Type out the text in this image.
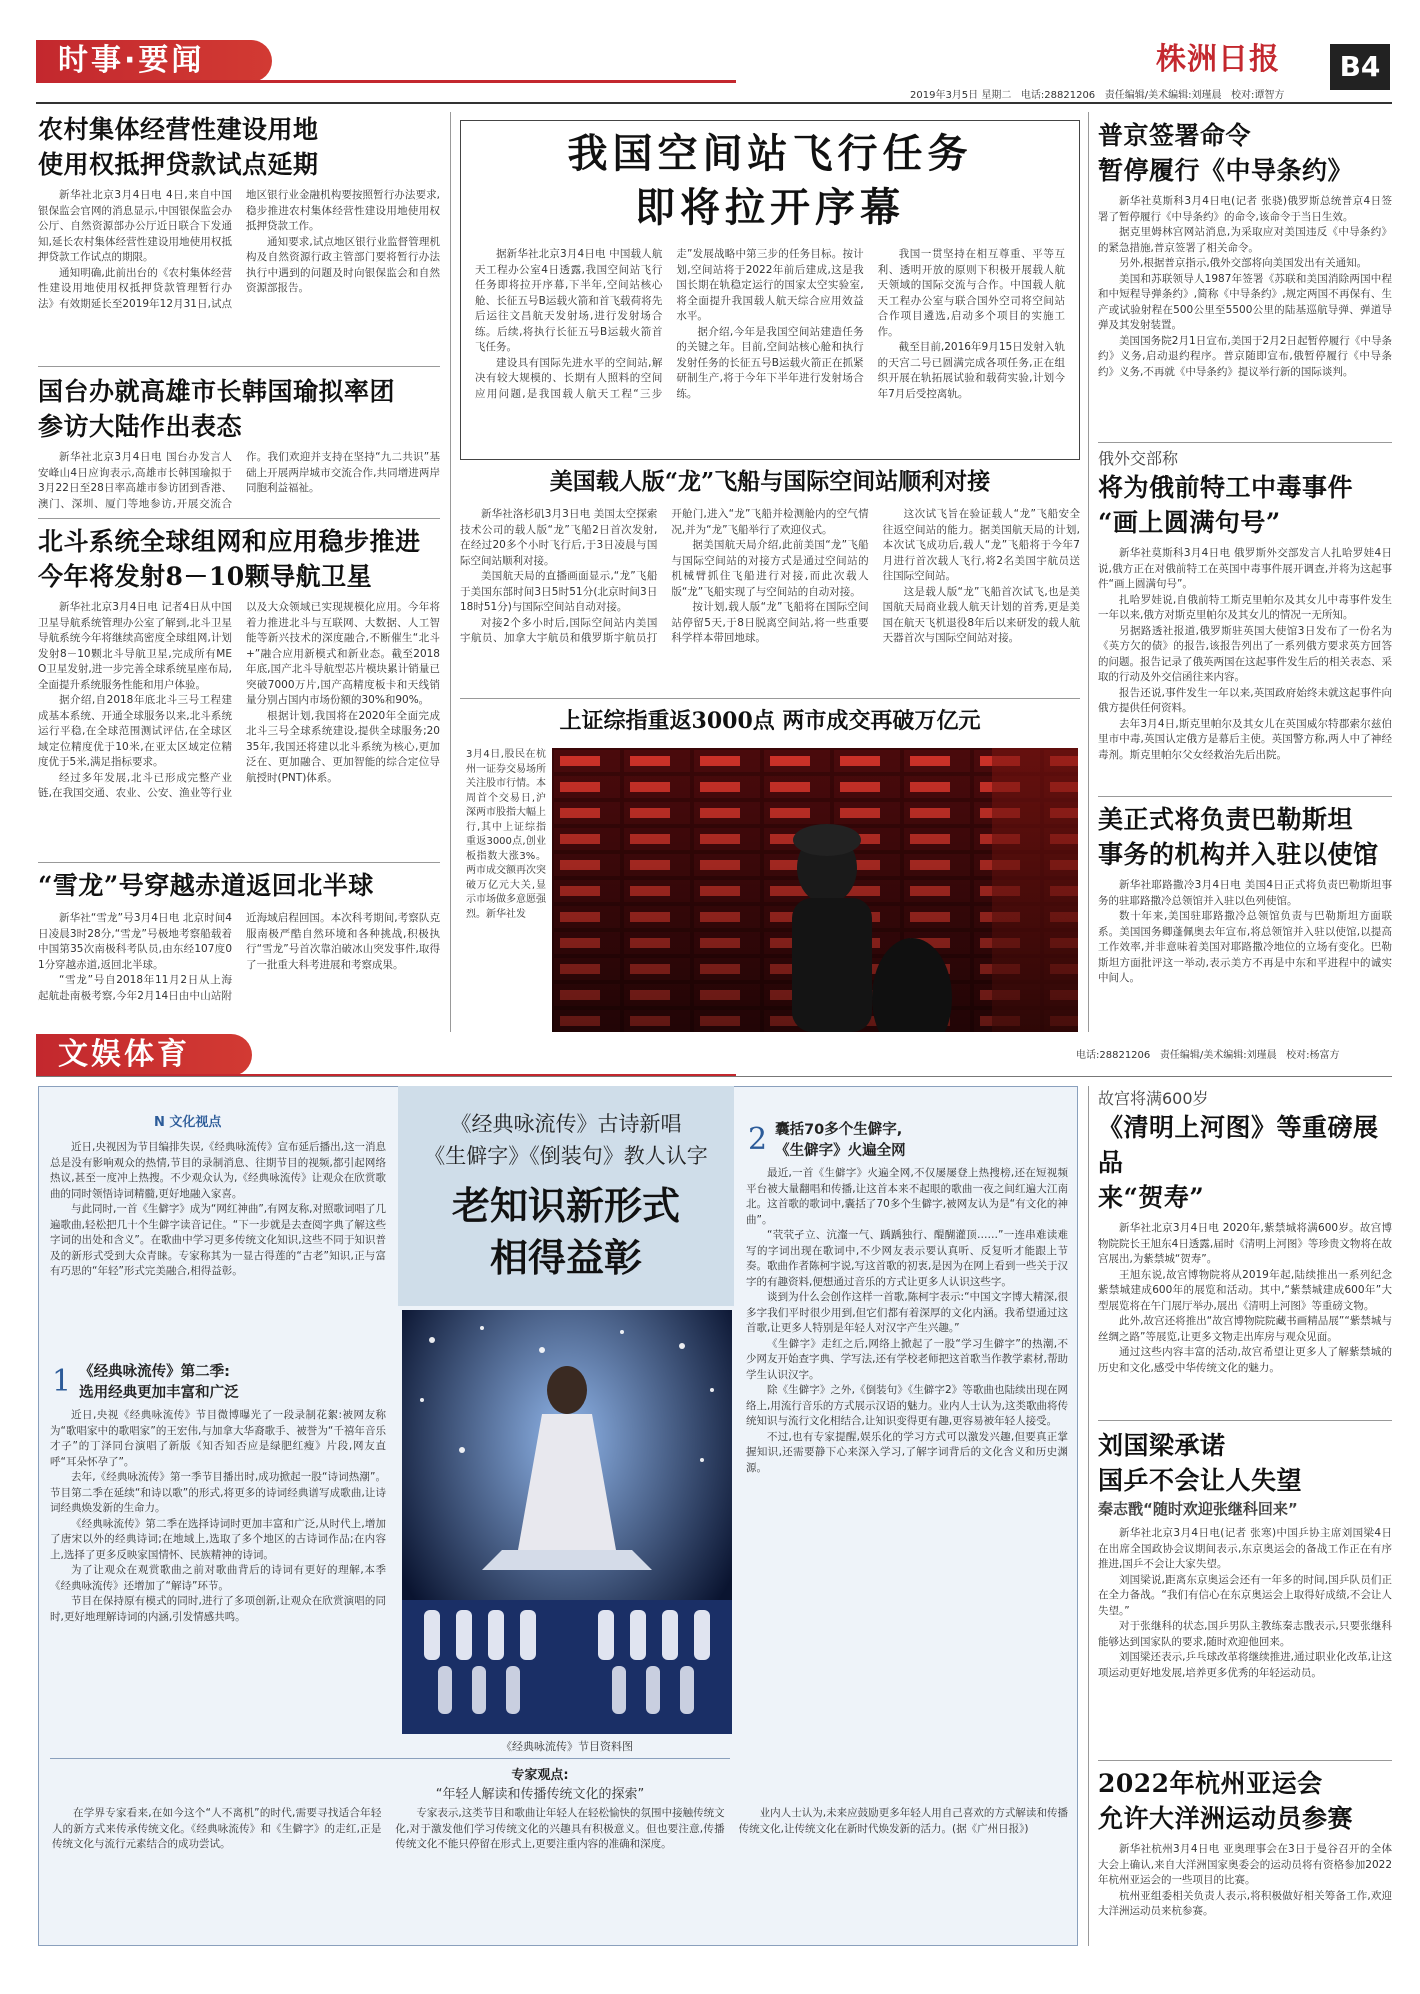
时事·要闻
2019年3月5日 星期二 电话:28821206 责任编辑/美术编辑:刘瑾晨 校对:谭智方
株洲日报	B4
农村集体经营性建设用地
使用权抵押贷款试点延期

新华社北京3月4日电 4日,来自中国银保监会官网的消息显示,中国银保监会办公厅、自然资源部办公厅近日联合下发通知,延长农村集体经营性建设用地使用权抵押贷款工作试点的期限。

通知明确,此前出台的《农村集体经营性建设用地使用权抵押贷款管理暂行办法》有效期延长至2019年12月31日,试点地区银行业金融机构要按照暂行办法要求,稳步推进农村集体经营性建设用地使用权抵押贷款工作。

通知要求,试点地区银行业监督管理机构及自然资源行政主管部门要将暂行办法执行中遇到的问题及时向银保监会和自然资源部报告。

国台办就高雄市长韩国瑜拟率团
参访大陆作出表态

新华社北京3月4日电 国台办发言人安峰山4日应询表示,高雄市长韩国瑜拟于3月22日至28日率高雄市参访团到香港、澳门、深圳、厦门等地参访,开展交流合作。我们欢迎并支持在坚持“九二共识”基础上开展两岸城市交流合作,共同增进两岸同胞利益福祉。

北斗系统全球组网和应用稳步推进
今年将发射8－10颗导航卫星

新华社北京3月4日电 记者4日从中国卫星导航系统管理办公室了解到,北斗卫星导航系统今年将继续高密度全球组网,计划发射8－10颗北斗导航卫星,完成所有MEO卫星发射,进一步完善全球系统星座布局,全面提升系统服务性能和用户体验。

据介绍,自2018年底北斗三号工程建成基本系统、开通全球服务以来,北斗系统运行平稳,在全球范围测试评估,在全球区域定位精度优于10米,在亚太区域定位精度优于5米,满足指标要求。

经过多年发展,北斗已形成完整产业链,在我国交通、农业、公安、渔业等行业以及大众领域已实现规模化应用。今年将着力推进北斗与互联网、大数据、人工智能等新兴技术的深度融合,不断催生“北斗+”融合应用新模式和新业态。截至2018年底,国产北斗导航型芯片模块累计销量已突破7000万片,国产高精度板卡和天线销量分别占国内市场份额的30%和90%。

根据计划,我国将在2020年全面完成北斗三号全球系统建设,提供全球服务;2035年,我国还将建以北斗系统为核心,更加泛在、更加融合、更加智能的综合定位导航授时(PNT)体系。

“雪龙”号穿越赤道返回北半球

新华社“雪龙”号3月4日电 北京时间4日凌晨3时28分,“雪龙”号极地考察船载着中国第35次南极科考队员,由东经107度01分穿越赤道,返回北半球。

“雪龙”号自2018年11月2日从上海起航赴南极考察,今年2月14日由中山站附近海域启程回国。本次科考期间,考察队克服南极严酷自然环境和各种挑战,积极执行“雪龙”号首次靠泊破冰山突发事件,取得了一批重大科考进展和考察成果。

我国空间站飞行任务
即将拉开序幕

据新华社北京3月4日电 中国载人航天工程办公室4日透露,我国空间站飞行任务即将拉开序幕,下半年,空间站核心舱、长征五号B运载火箭和首飞载荷将先后运往文昌航天发射场,进行发射场合练。后续,将执行长征五号B运载火箭首飞任务。

建设具有国际先进水平的空间站,解决有较大规模的、长期有人照料的空间应用问题,是我国载人航天工程“三步走”发展战略中第三步的任务目标。按计划,空间站将于2022年前后建成,这是我国长期在轨稳定运行的国家太空实验室,将全面提升我国载人航天综合应用效益水平。

据介绍,今年是我国空间站建造任务的关键之年。目前,空间站核心舱和执行发射任务的长征五号B运载火箭正在抓紧研制生产,将于今年下半年进行发射场合练。

我国一贯坚持在相互尊重、平等互利、透明开放的原则下积极开展载人航天领域的国际交流与合作。中国载人航天工程办公室与联合国外空司将空间站合作项目遴选,启动多个项目的实施工作。

截至目前,2016年9月15日发射入轨的天宫二号已圆满完成各项任务,正在组织开展在轨拓展试验和载荷实验,计划今年7月后受控离轨。

美国载人版“龙”飞船与国际空间站顺利对接

新华社洛杉矶3月3日电 美国太空探索技术公司的载人版“龙”飞船2日首次发射,在经过20多个小时飞行后,于3日凌晨与国际空间站顺利对接。

美国航天局的直播画面显示,“龙”飞船于美国东部时间3日5时51分(北京时间3日18时51分)与国际空间站自动对接。

对接2个多小时后,国际空间站内美国宇航员、加拿大宇航员和俄罗斯宇航员打开舱门,进入“龙”飞船并检测舱内的空气情况,并为“龙”飞船举行了欢迎仪式。

据美国航天局介绍,此前美国“龙”飞船与国际空间站的对接方式是通过空间站的机械臂抓住飞船进行对接,而此次载人版“龙”飞船实现了与空间站的自动对接。

按计划,载人版“龙”飞船将在国际空间站停留5天,于8日脱离空间站,将一些重要科学样本带回地球。

这次试飞旨在验证载人“龙”飞船安全往返空间站的能力。据美国航天局的计划,本次试飞成功后,载人“龙”飞船将于今年7月进行首次载人飞行,将2名美国宇航员送往国际空间站。

这是载人版“龙”飞船首次试飞,也是美国航天局商业载人航天计划的首秀,更是美国在航天飞机退役8年后以来研发的载人航天器首次与国际空间站对接。

上证综指重返3000点 两市成交再破万亿元
3月4日,股民在杭州一证券交易场所关注股市行情。本周首个交易日,沪深两市股指大幅上行,其中上证综指重返3000点,创业板指数大涨3%。两市成交额再次突破万亿元大关,显示市场做多意愿强烈。新华社发
普京签署命令
暂停履行《中导条约》

新华社莫斯科3月4日电(记者 张骁)俄罗斯总统普京4日签署了暂停履行《中导条约》的命令,该命令于当日生效。

据克里姆林宫网站消息,为采取应对美国违反《中导条约》的紧急措施,普京签署了相关命令。

另外,根据普京指示,俄外交部将向美国发出有关通知。

美国和苏联领导人1987年签署《苏联和美国消除两国中程和中短程导弹条约》,简称《中导条约》,规定两国不再保有、生产或试验射程在500公里至5500公里的陆基巡航导弹、弹道导弹及其发射装置。

美国国务院2月1日宣布,美国于2月2日起暂停履行《中导条约》义务,启动退约程序。普京随即宣布,俄暂停履行《中导条约》义务,不再就《中导条约》提议举行新的国际谈判。

俄外交部称
将为俄前特工中毒事件
“画上圆满句号”

新华社莫斯科3月4日电 俄罗斯外交部发言人扎哈罗娃4日说,俄方正在对俄前特工在英国中毒事件展开调查,并将为这起事件“画上圆满句号”。

扎哈罗娃说,自俄前特工斯克里帕尔及其女儿中毒事件发生一年以来,俄方对斯克里帕尔及其女儿的情况一无所知。

另据路透社报道,俄罗斯驻英国大使馆3日发布了一份名为《英方欠的债》的报告,该报告列出了一系列俄方要求英方回答的问题。报告记录了俄英两国在这起事件发生后的相关表态、采取的行动及外交信函往来内容。

报告还说,事件发生一年以来,英国政府始终未就这起事件向俄方提供任何资料。

去年3月4日,斯克里帕尔及其女儿在英国威尔特郡索尔兹伯里市中毒,英国认定俄方是幕后主使。英国警方称,两人中了神经毒剂。斯克里帕尔父女经救治先后出院。

美正式将负责巴勒斯坦
事务的机构并入驻以使馆

新华社耶路撒冷3月4日电 美国4日正式将负责巴勒斯坦事务的驻耶路撒冷总领馆并入驻以色列使馆。

数十年来,美国驻耶路撒冷总领馆负责与巴勒斯坦方面联系。美国国务卿蓬佩奥去年宣布,将总领馆并入驻以使馆,以提高工作效率,并非意味着美国对耶路撒冷地位的立场有变化。巴勒斯坦方面批评这一举动,表示美方不再是中东和平进程中的诚实中间人。

文娱体育	电话:28821206 责任编辑/美术编辑:刘瑾晨 校对:杨富方
N 文化视点

近日,央视因为节目编排失误,《经典咏流传》宣布延后播出,这一消息总是没有影响观众的热情,节目的录制消息、往期节目的视频,都引起网络热议,甚至一度冲上热搜。不少观众认为,《经典咏流传》让观众在欣赏歌曲的同时领悟诗词精髓,更好地融入家喜。

与此同时,一首《生僻字》成为“网红神曲”,有网友称,对照歌词唱了几遍歌曲,轻松把几十个生僻字读音记住。“下一步就是去查阅字典了解这些字词的出处和含义”。在歌曲中学习更多传统文化知识,这些不同于知识普及的新形式受到大众青睐。专家称其为一显古得莲的“古老”知识,正与富有巧思的“年轻”形式完美融合,相得益彰。

《经典咏流传》古诗新唱
《生僻字》《倒装句》教人认字
老知识新形式
相得益彰
1 《经典咏流传》第二季:
选用经典更加丰富和广泛

近日,央视《经典咏流传》节目微博曝光了一段录制花絮:被网友称为“歌唱家中的歌唱家”的王宏伟,与加拿大华裔歌手、被誉为“千禧年音乐才子”的丁泽同台演唱了新版《知否知否应是绿肥红瘦》片段,网友直呼“耳朵怀孕了”。

去年,《经典咏流传》第一季节目播出时,成功掀起一股“诗词热潮”。节目第二季在延续“和诗以歌”的形式,将更多的诗词经典谱写成歌曲,让诗词经典焕发新的生命力。

《经典咏流传》第二季在选择诗词时更加丰富和广泛,从时代上,增加了唐宋以外的经典诗词;在地域上,选取了多个地区的古诗词作品;在内容上,选择了更多反映家国情怀、民族精神的诗词。

为了让观众在观赏歌曲之前对歌曲背后的诗词有更好的理解,本季《经典咏流传》还增加了“解诗”环节。

节目在保持原有模式的同时,进行了多项创新,让观众在欣赏演唱的同时,更好地理解诗词的内涵,引发情感共鸣。

《经典咏流传》节目资料图
2 囊括70多个生僻字,
《生僻字》火遍全网

最近,一首《生僻字》火遍全网,不仅屡屡登上热搜榜,还在短视频平台被大量翻唱和传播,让这首本来不起眼的歌曲一夜之间红遍大江南北。这首歌的歌词中,囊括了70多个生僻字,被网友认为是“有文化的神曲”。

“茕茕孑立、沆瀣一气、踽踽独行、醍醐灌顶……”一连串难读难写的字词出现在歌词中,不少网友表示要认真听、反复听才能跟上节奏。歌曲作者陈柯宇说,写这首歌的初衷,是因为在网上看到一些关于汉字的有趣资料,便想通过音乐的方式让更多人认识这些字。

谈到为什么会创作这样一首歌,陈柯宇表示:“中国文字博大精深,很多字我们平时很少用到,但它们都有着深厚的文化内涵。我希望通过这首歌,让更多人特别是年轻人对汉字产生兴趣。”

《生僻字》走红之后,网络上掀起了一股“学习生僻字”的热潮,不少网友开始查字典、学写法,还有学校老师把这首歌当作教学素材,帮助学生认识汉字。

除《生僻字》之外,《倒装句》《生僻字2》等歌曲也陆续出现在网络上,用流行音乐的方式展示汉语的魅力。业内人士认为,这类歌曲将传统知识与流行文化相结合,让知识变得更有趣,更容易被年轻人接受。

不过,也有专家提醒,娱乐化的学习方式可以激发兴趣,但要真正掌握知识,还需要静下心来深入学习,了解字词背后的文化含义和历史渊源。

专家观点:
“年轻人解读和传播传统文化的探索”

在学界专家看来,在如今这个“人不离机”的时代,需要寻找适合年轻人的新方式来传承传统文化。《经典咏流传》和《生僻字》的走红,正是传统文化与流行元素结合的成功尝试。

专家表示,这类节目和歌曲让年轻人在轻松愉快的氛围中接触传统文化,对于激发他们学习传统文化的兴趣具有积极意义。但也要注意,传播传统文化不能只停留在形式上,更要注重内容的准确和深度。

业内人士认为,未来应鼓励更多年轻人用自己喜欢的方式解读和传播传统文化,让传统文化在新时代焕发新的活力。(据《广州日报》)

故宫将满600岁
《清明上河图》等重磅展品
来“贺寿”

新华社北京3月4日电 2020年,紫禁城将满600岁。故宫博物院院长王旭东4日透露,届时《清明上河图》等珍贵文物将在故宫展出,为紫禁城“贺寿”。

王旭东说,故宫博物院将从2019年起,陆续推出一系列纪念紫禁城建成600年的展览和活动。其中,“紫禁城建成600年”大型展览将在午门展厅举办,展出《清明上河图》等重磅文物。

此外,故宫还将推出“故宫博物院院藏书画精品展”“紫禁城与丝绸之路”等展览,让更多文物走出库房与观众见面。

通过这些内容丰富的活动,故宫希望让更多人了解紫禁城的历史和文化,感受中华传统文化的魅力。

刘国梁承诺
国乒不会让人失望
秦志戬“随时欢迎张继科回来”

新华社北京3月4日电(记者 张寒)中国乒协主席刘国梁4日在出席全国政协会议期间表示,东京奥运会的备战工作正在有序推进,国乒不会让大家失望。

刘国梁说,距离东京奥运会还有一年多的时间,国乒队员们正在全力备战。“我们有信心在东京奥运会上取得好成绩,不会让人失望。”

对于张继科的状态,国乒男队主教练秦志戬表示,只要张继科能够达到国家队的要求,随时欢迎他回来。

刘国梁还表示,乒乓球改革将继续推进,通过职业化改革,让这项运动更好地发展,培养更多优秀的年轻运动员。

2022年杭州亚运会
允许大洋洲运动员参赛

新华社杭州3月4日电 亚奥理事会在3日于曼谷召开的全体大会上确认,来自大洋洲国家奥委会的运动员将有资格参加2022年杭州亚运会的一些项目的比赛。

杭州亚组委相关负责人表示,将积极做好相关筹备工作,欢迎大洋洲运动员来杭参赛。
